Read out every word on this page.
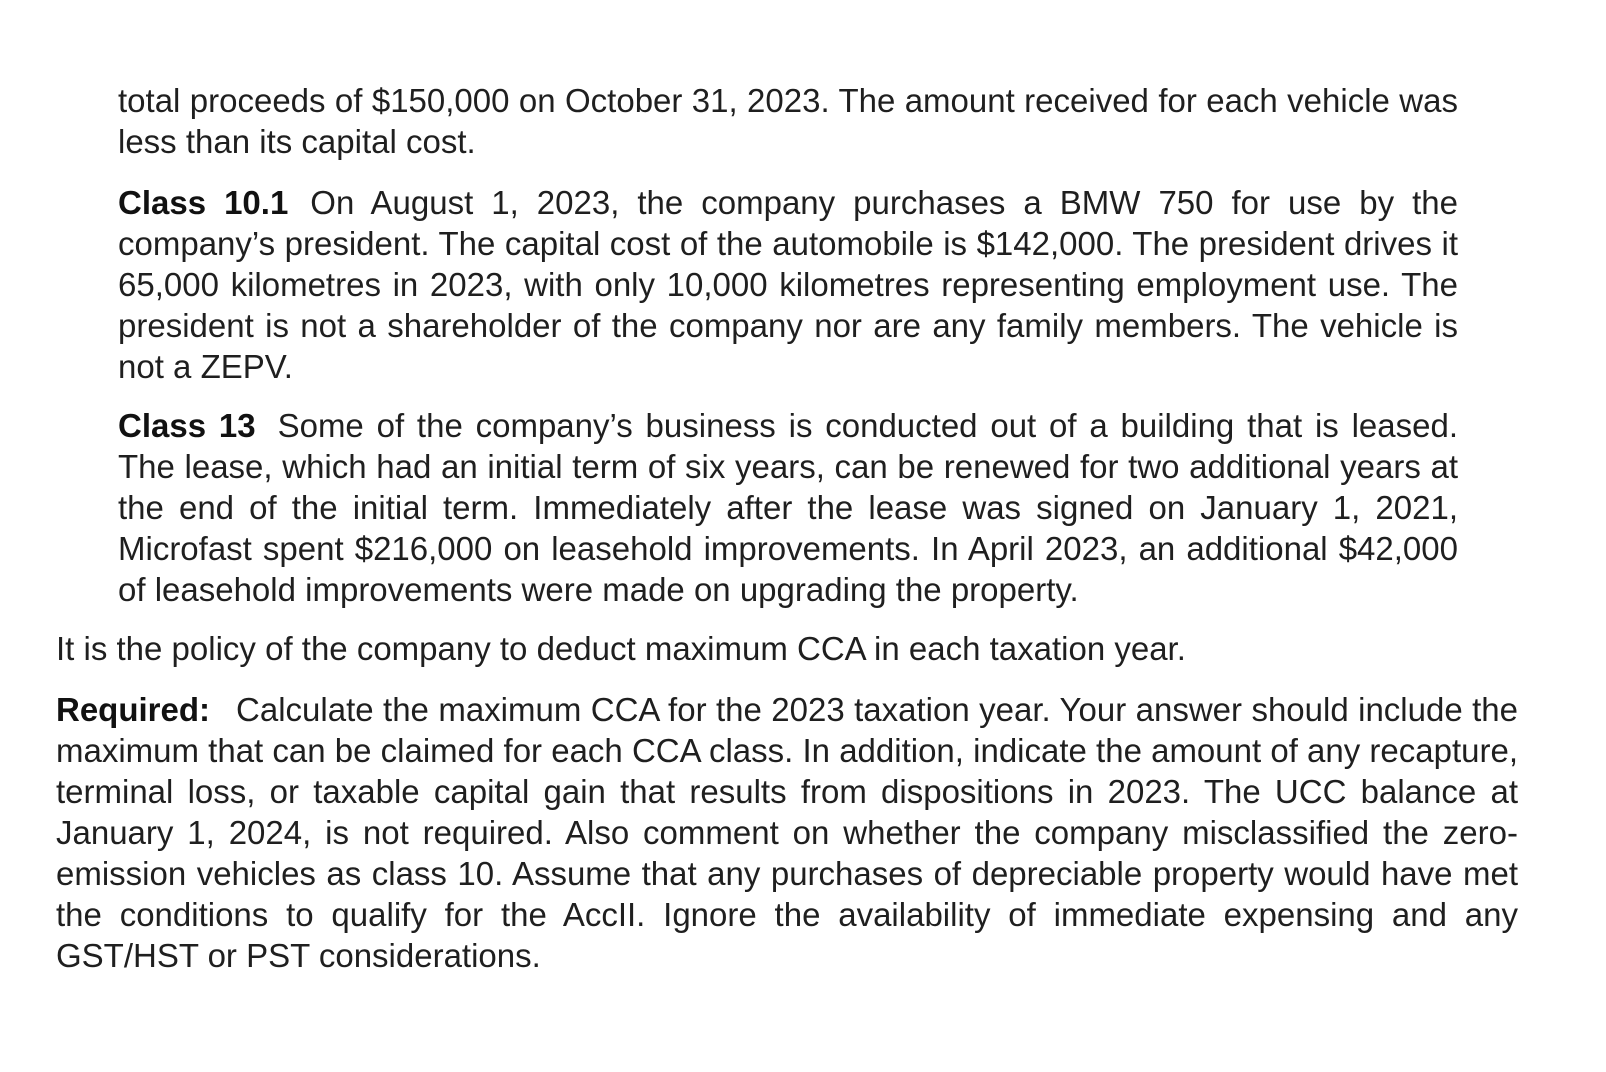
total proceeds of $150,000 on October 31, 2023. The amount received for each vehicle was less than its capital cost.

Class 10.1 On August 1, 2023, the company purchases a BMW 750 for use by the company’s president. The capital cost of the automobile is $142,000. The president drives it 65,000 kilometres in 2023, with only 10,000 kilometres representing employment use. The president is not a shareholder of the company nor are any family members. The vehicle is not a ZEPV.

Class 13 Some of the company’s business is conducted out of a building that is leased. The lease, which had an initial term of six years, can be renewed for two additional years at the end of the initial term. Immediately after the lease was signed on January 1, 2021, Microfast spent $216,000 on leasehold improvements. In April 2023, an additional $42,000 of leasehold improvements were made on upgrading the property.

It is the policy of the company to deduct maximum CCA in each taxation year.

Required: Calculate the maximum CCA for the 2023 taxation year. Your answer should include the maximum that can be claimed for each CCA class. In addition, indicate the amount of any recapture, terminal loss, or taxable capital gain that results from dispositions in 2023. The UCC balance at January 1, 2024, is not required. Also comment on whether the company misclassified the zero-emission vehicles as class 10. Assume that any purchases of depreciable property would have met the conditions to qualify for the AccII. Ignore the availability of immediate expensing and any GST/HST or PST considerations.
